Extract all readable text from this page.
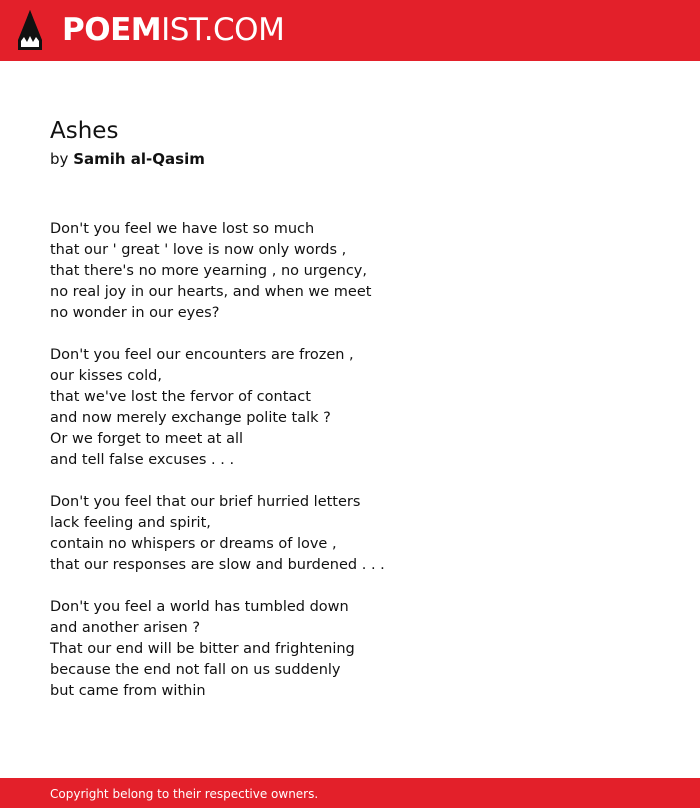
POEMIST.COM
Ashes
by Samih al-Qasim
Don't you feel we have lost so much
that our ' great ' love is now only words ,
that there's no more yearning , no urgency,
no real joy in our hearts, and when we meet
no wonder in our eyes?
Don't you feel our encounters are frozen ,
our kisses cold,
that we've lost the fervor of contact
and now merely exchange polite talk ?
Or we forget to meet at all
and tell false excuses . . .
Don't you feel that our brief hurried letters
lack feeling and spirit,
contain no whispers or dreams of love ,
that our responses are slow and burdened . . .
Don't you feel a world has tumbled down
and another arisen ?
That our end will be bitter and frightening
because the end not fall on us suddenly
but came from within
Copyright belong to their respective owners.
